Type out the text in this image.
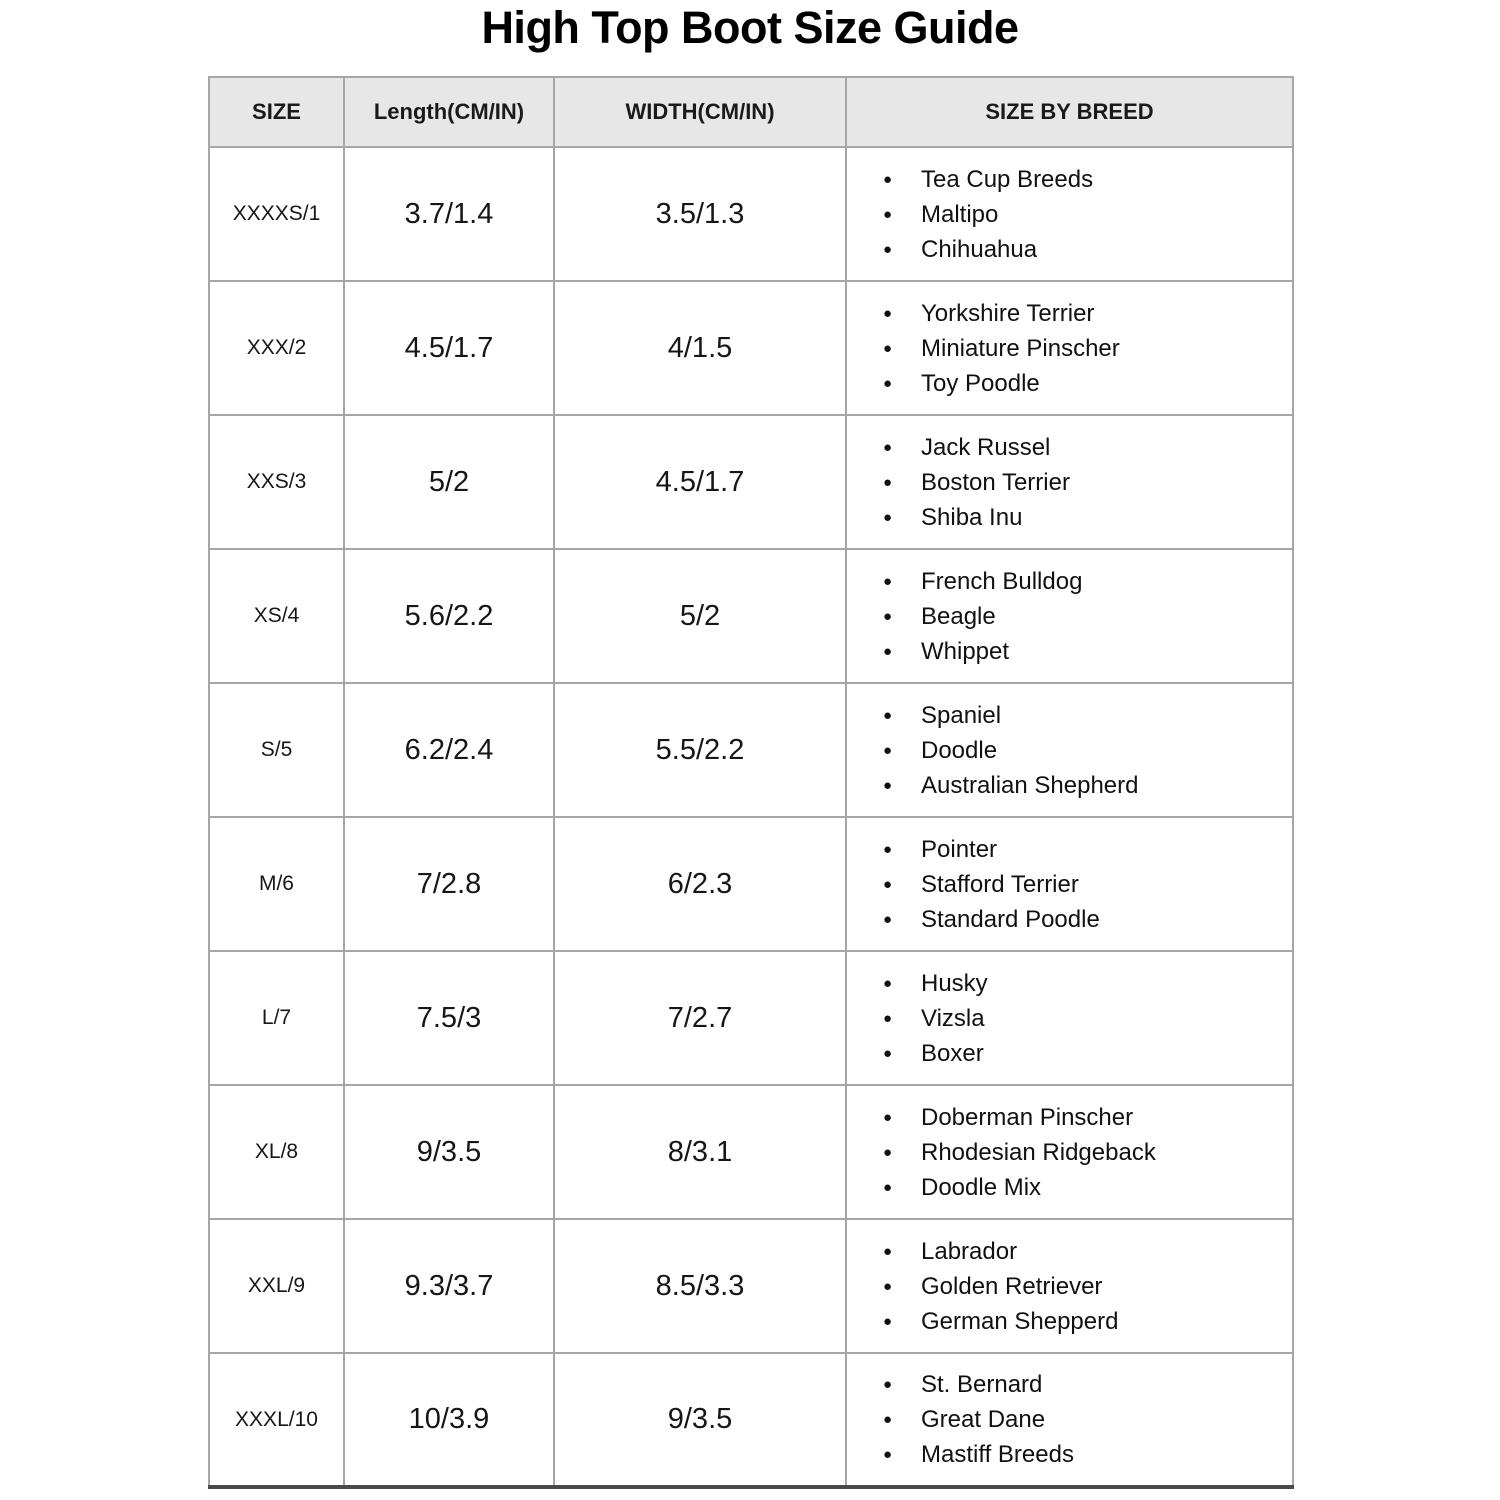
High Top Boot Size Guide
SIZE	Length(CM/IN)	WIDTH(CM/IN)	SIZE BY BREED
XXXXS/1	3.7/1.4	3.5/1.3	
● Tea Cup Breeds
● Maltipo
● Chihuahua

XXX/2	4.5/1.7	4/1.5	
● Yorkshire Terrier
● Miniature Pinscher
● Toy Poodle

XXS/3	5/2	4.5/1.7	
● Jack Russel
● Boston Terrier
● Shiba Inu

XS/4	5.6/2.2	5/2	
● French Bulldog
● Beagle
● Whippet

S/5	6.2/2.4	5.5/2.2	
● Spaniel
● Doodle
● Australian Shepherd

M/6	7/2.8	6/2.3	
● Pointer
● Stafford Terrier
● Standard Poodle

L/7	7.5/3	7/2.7	
● Husky
● Vizsla
● Boxer

XL/8	9/3.5	8/3.1	
● Doberman Pinscher
● Rhodesian Ridgeback
● Doodle Mix

XXL/9	9.3/3.7	8.5/3.3	
● Labrador
● Golden Retriever
● German Shepperd

XXXL/10	10/3.9	9/3.5	
● St. Bernard
● Great Dane
● Mastiff Breeds
